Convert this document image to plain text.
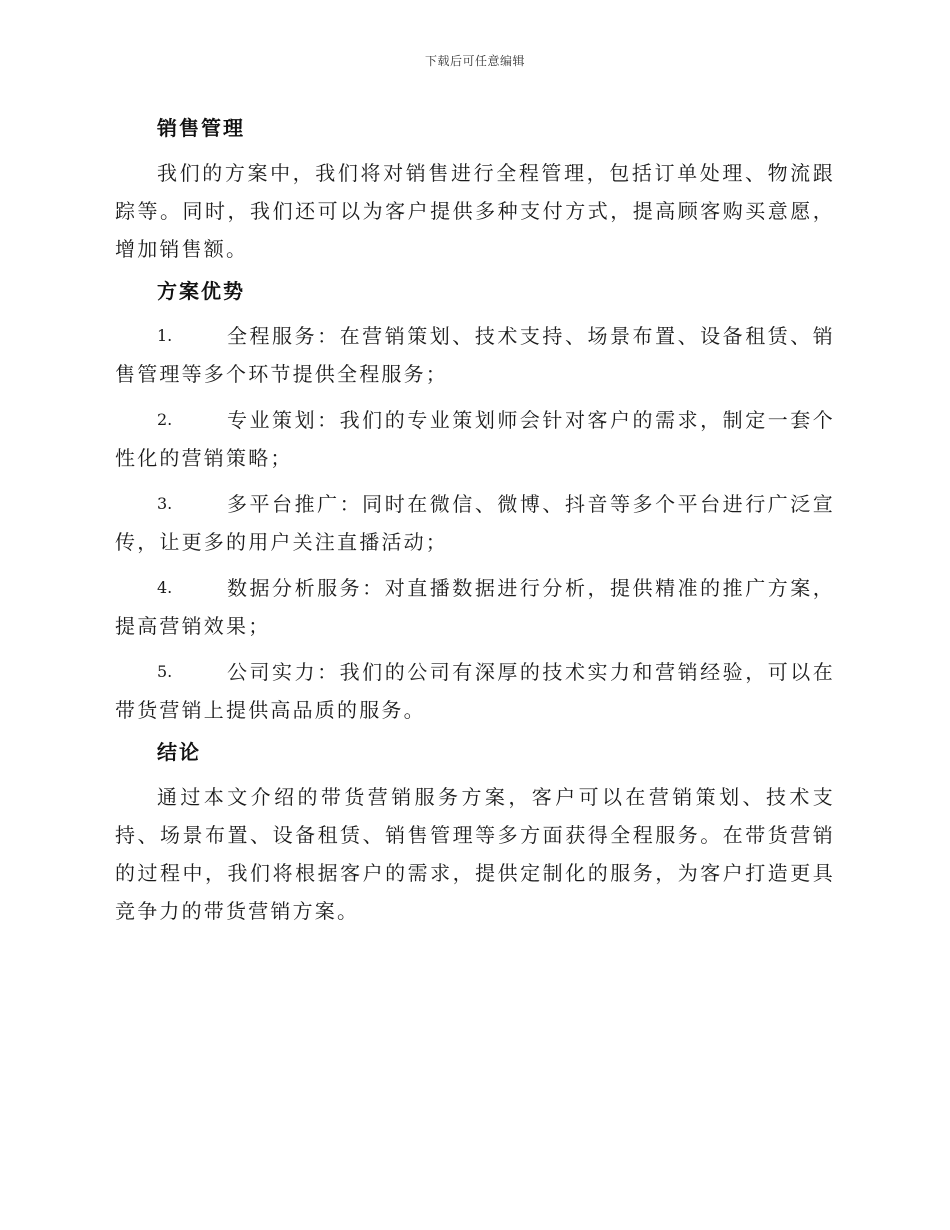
下载后可任意编辑
销售管理

我们的方案中，我们将对销售进行全程管理，包括订单处理、物流跟踪等。同时，我们还可以为客户提供多种支付方式，提高顾客购买意愿，增加销售额。

方案优势
1.	全程服务：在营销策划、技术支持、场景布置、设备租赁、销售管理等多个环节提供全程服务；
2.	专业策划：我们的专业策划师会针对客户的需求，制定一套个性化的营销策略；
3.	多平台推广：同时在微信、微博、抖音等多个平台进行广泛宣传，让更多的用户关注直播活动；
4.	数据分析服务：对直播数据进行分析，提供精准的推广方案，提高营销效果；
5.	公司实力：我们的公司有深厚的技术实力和营销经验，可以在带货营销上提供高品质的服务。
结论

通过本文介绍的带货营销服务方案，客户可以在营销策划、技术支持、场景布置、设备租赁、销售管理等多方面获得全程服务。在带货营销的过程中，我们将根据客户的需求，提供定制化的服务，为客户打造更具竞争力的带货营销方案。
